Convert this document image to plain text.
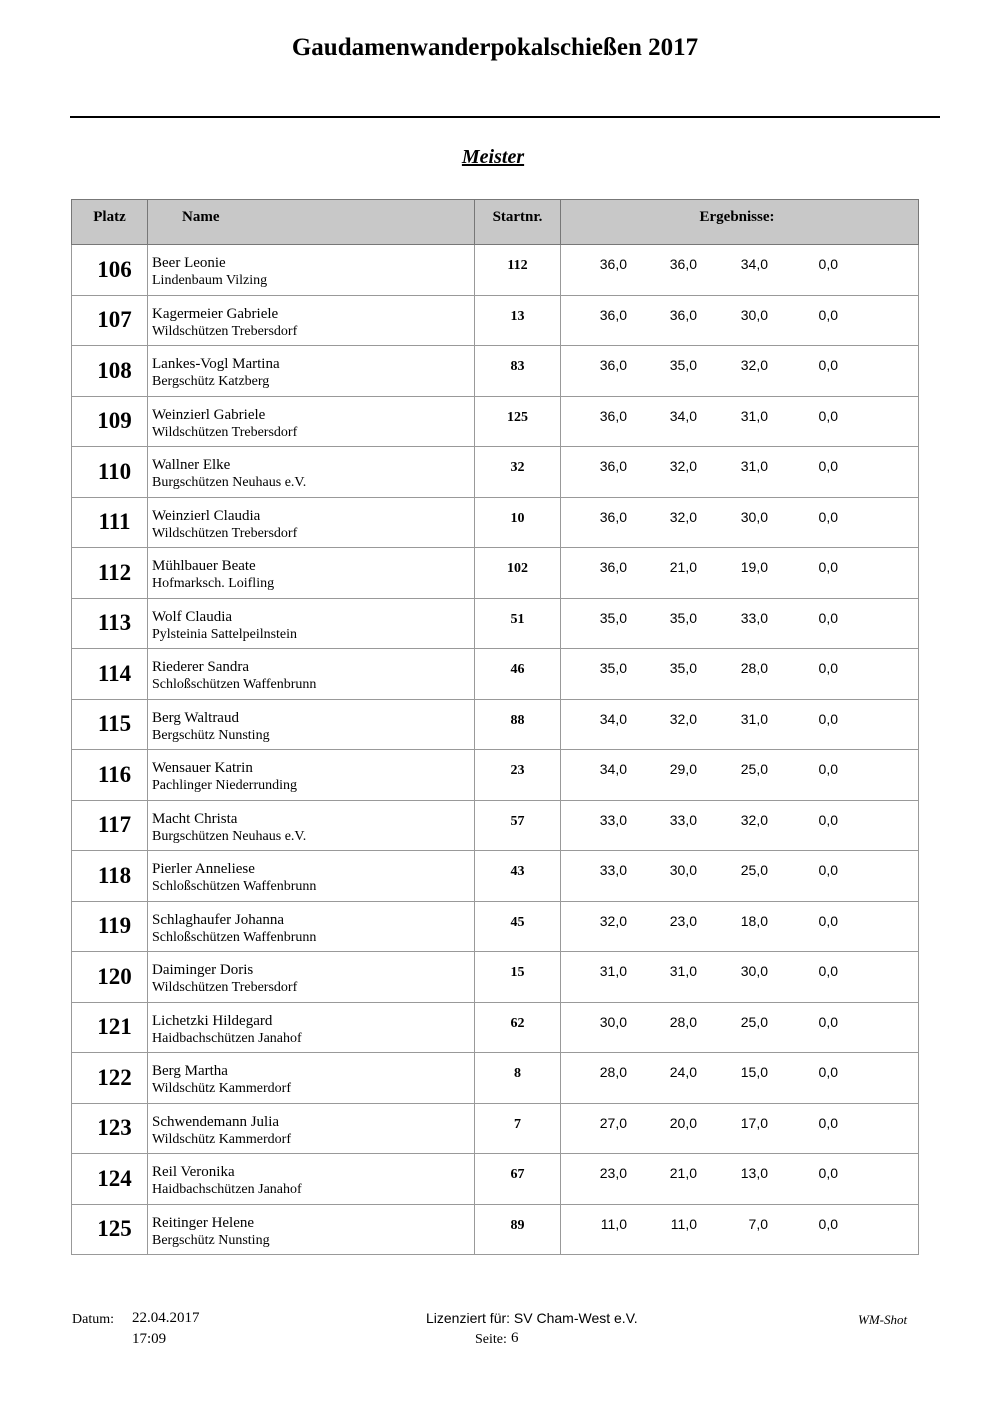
Gaudamenwanderpokalschießen 2017
Meister
Platz	Name	Startnr.	Ergebnisse:
106	Beer Leonie
Lindenbaum Vilzing	112	36,0 36,0 34,0 0,0

107	Kagermeier Gabriele
Wildschützen Trebersdorf	13	36,0 36,0 30,0 0,0

108	Lankes-Vogl Martina
Bergschütz Katzberg	83	36,0 35,0 32,0 0,0

109	Weinzierl Gabriele
Wildschützen Trebersdorf	125	36,0 34,0 31,0 0,0

110	Wallner Elke
Burgschützen Neuhaus e.V.	32	36,0 32,0 31,0 0,0

111	Weinzierl Claudia
Wildschützen Trebersdorf	10	36,0 32,0 30,0 0,0

112	Mühlbauer Beate
Hofmarksch. Loifling	102	36,0 21,0 19,0 0,0

113	Wolf Claudia
Pylsteinia Sattelpeilnstein	51	35,0 35,0 33,0 0,0

114	Riederer Sandra
Schloßschützen Waffenbrunn	46	35,0 35,0 28,0 0,0

115	Berg Waltraud
Bergschütz Nunsting	88	34,0 32,0 31,0 0,0

116	Wensauer Katrin
Pachlinger Niederrunding	23	34,0 29,0 25,0 0,0

117	Macht Christa
Burgschützen Neuhaus e.V.	57	33,0 33,0 32,0 0,0

118	Pierler Anneliese
Schloßschützen Waffenbrunn	43	33,0 30,0 25,0 0,0

119	Schlaghaufer Johanna
Schloßschützen Waffenbrunn	45	32,0 23,0 18,0 0,0

120	Daiminger Doris
Wildschützen Trebersdorf	15	31,0 31,0 30,0 0,0

121	Lichetzki Hildegard
Haidbachschützen Janahof	62	30,0 28,0 25,0 0,0

122	Berg Martha
Wildschütz Kammerdorf	8	28,0 24,0 15,0 0,0

123	Schwendemann Julia
Wildschütz Kammerdorf	7	27,0 20,0 17,0 0,0

124	Reil Veronika
Haidbachschützen Janahof	67	23,0 21,0 13,0 0,0

125	Reitinger Helene
Bergschütz Nunsting	89	11,0 11,0 7,0 0,0
Datum: 22.04.2017
17:09
Lizenziert für: SV Cham-West e.V.
Seite: 6
WM-Shot
